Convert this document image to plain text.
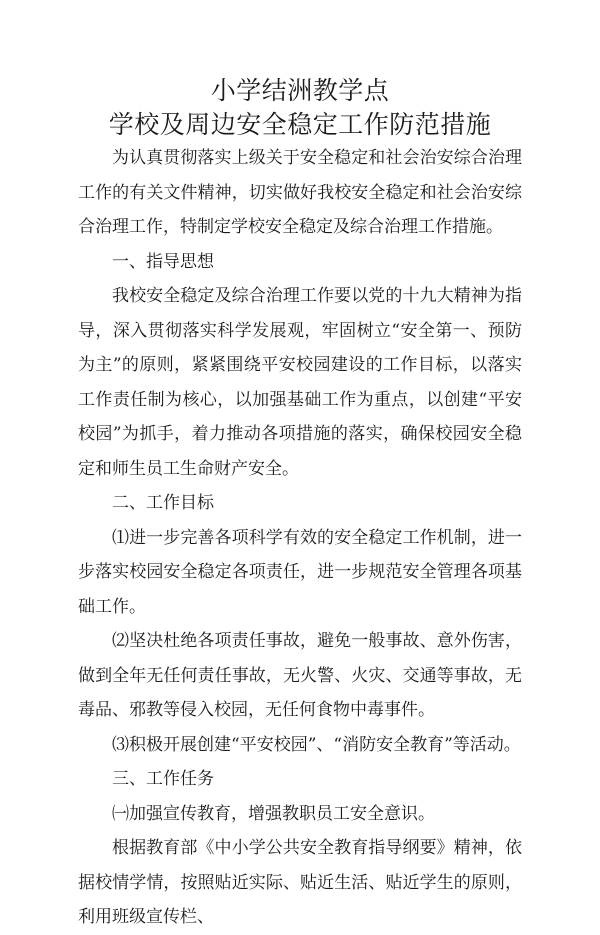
小学结洲教学点
学校及周边安全稳定工作防范措施

为认真贯彻落实上级关于安全稳定和社会治安综合治理工作的有关文件精神，切实做好我校安全稳定和社会治安综合治理工作，特制定学校安全稳定及综合治理工作措施。

一、指导思想

我校安全稳定及综合治理工作要以党的十九大精神为指导，深入贯彻落实科学发展观，牢固树立“安全第一、预防为主”的原则，紧紧围绕平安校园建设的工作目标，以落实工作责任制为核心，以加强基础工作为重点，以创建“平安校园”为抓手，着力推动各项措施的落实，确保校园安全稳定和师生员工生命财产安全。

二、工作目标

⑴进一步完善各项科学有效的安全稳定工作机制，进一步落实校园安全稳定各项责任，进一步规范安全管理各项基础工作。

⑵坚决杜绝各项责任事故，避免一般事故、意外伤害，做到全年无任何责任事故，无火警、火灾、交通等事故，无毒品、邪教等侵入校园，无任何食物中毒事件。

⑶积极开展创建“平安校园”、“消防安全教育”等活动。

三、工作任务

㈠加强宣传教育，增强教职员工安全意识。

根据教育部《中小学公共安全教育指导纲要》精神，依据校情学情，按照贴近实际、贴近生活、贴近学生的原则，利用班级宣传栏、
